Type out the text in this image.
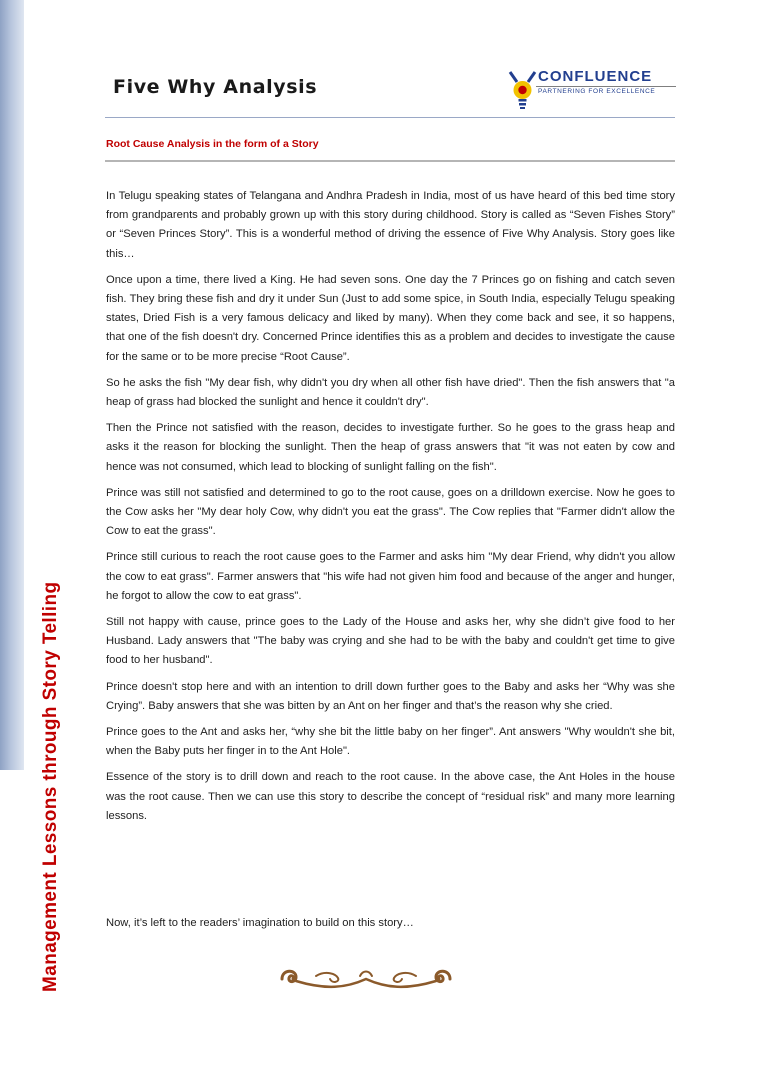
Management Lessons through Story Telling
Five Why Analysis	CONFLUENCE
PARTNERING FOR EXCELLENCE

Root Cause Analysis in the form of a Story

In Telugu speaking states of Telangana and Andhra Pradesh in India, most of us have heard of this bed time story from grandparents and probably grown up with this story during childhood. Story is called as “Seven Fishes Story” or “Seven Princes Story”. This is a wonderful method of driving the essence of Five Why Analysis. Story goes like this…

Once upon a time, there lived a King. He had seven sons. One day the 7 Princes go on fishing and catch seven fish. They bring these fish and dry it under Sun (Just to add some spice, in South India, especially Telugu speaking states, Dried Fish is a very famous delicacy and liked by many). When they come back and see, it so happens, that one of the fish doesn't dry. Concerned Prince identifies this as a problem and decides to investigate the cause for the same or to be more precise “Root Cause”.

So he asks the fish "My dear fish, why didn't you dry when all other fish have dried". Then the fish answers that "a heap of grass had blocked the sunlight and hence it couldn't dry".

Then the Prince not satisfied with the reason, decides to investigate further. So he goes to the grass heap and asks it the reason for blocking the sunlight. Then the heap of grass answers that "it was not eaten by cow and hence was not consumed, which lead to blocking of sunlight falling on the fish".

Prince was still not satisfied and determined to go to the root cause, goes on a drilldown exercise. Now he goes to the Cow asks her "My dear holy Cow, why didn't you eat the grass". The Cow replies that "Farmer didn't allow the Cow to eat the grass".

Prince still curious to reach the root cause goes to the Farmer and asks him "My dear Friend, why didn't you allow the cow to eat grass". Farmer answers that "his wife had not given him food and because of the anger and hunger, he forgot to allow the cow to eat grass".

Still not happy with cause, prince goes to the Lady of the House and asks her, why she didn’t give food to her Husband. Lady answers that "The baby was crying and she had to be with the baby and couldn't get time to give food to her husband".

Prince doesn't stop here and with an intention to drill down further goes to the Baby and asks her “Why was she Crying”. Baby answers that she was bitten by an Ant on her finger and that’s the reason why she cried.

Prince goes to the Ant and asks her, “why she bit the little baby on her finger”. Ant answers "Why wouldn't she bit, when the Baby puts her finger in to the Ant Hole".

Essence of the story is to drill down and reach to the root cause. In the above case, the Ant Holes in the house was the root cause. Then we can use this story to describe the concept of “residual risk” and many more learning lessons.

Now, it’s left to the readers’ imagination to build on this story…
